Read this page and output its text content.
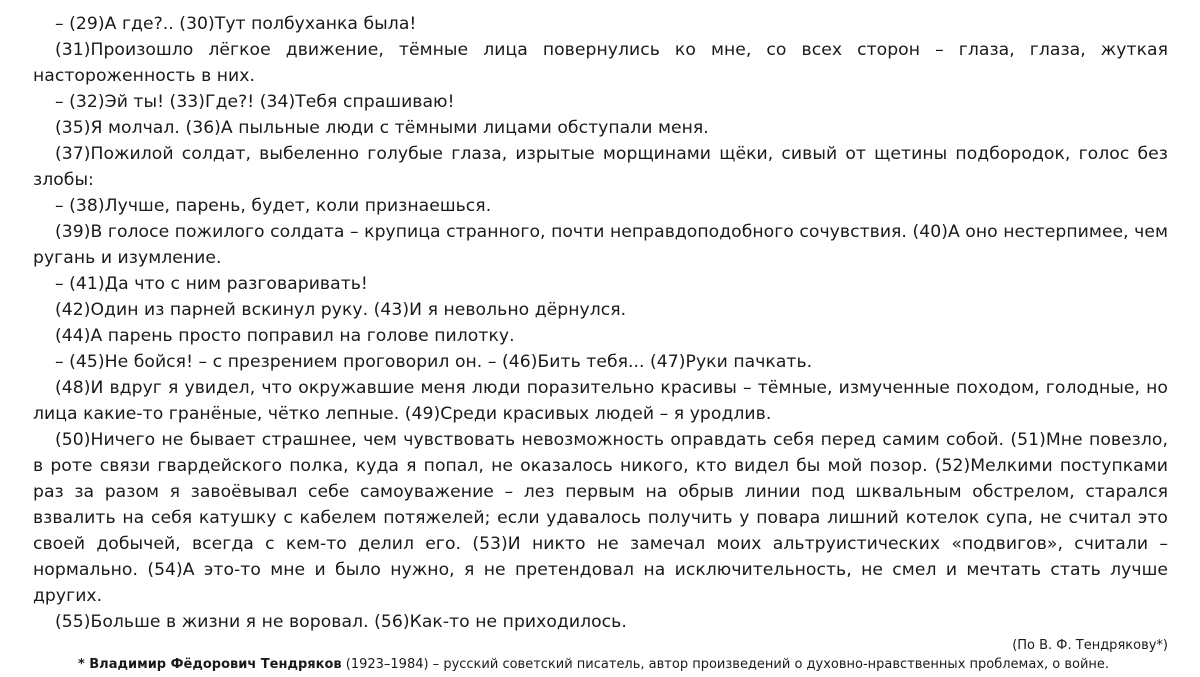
– (29)А где?.. (30)Тут полбуханка была!

(31)Произошло лёгкое движение, тёмные лица повернулись ко мне, со всех сторон – глаза, глаза, жуткая настороженность в них.

– (32)Эй ты! (33)Где?! (34)Тебя спрашиваю!

(35)Я молчал. (36)А пыльные люди с тёмными лицами обступали меня.

(37)Пожилой солдат, выбеленно голубые глаза, изрытые морщинами щёки, сивый от щетины подбородок, голос без злобы:

– (38)Лучше, парень, будет, коли признаешься.

(39)В голосе пожилого солдата – крупица странного, почти неправдоподобного сочувствия. (40)А оно нестерпимее, чем ругань и изумление.

– (41)Да что с ним разговаривать!

(42)Один из парней вскинул руку. (43)И я невольно дёрнулся.

(44)А парень просто поправил на голове пилотку.

– (45)Не бойся! – с презрением проговорил он. – (46)Бить тебя... (47)Руки пачкать.

(48)И вдруг я увидел, что окружавшие меня люди поразительно красивы – тёмные, измученные походом, голодные, но лица какие-то гранёные, чётко лепные. (49)Среди красивых людей – я уродлив.

(50)Ничего не бывает страшнее, чем чувствовать невозможность оправдать себя перед самим собой. (51)Мне повезло, в роте связи гвардейского полка, куда я попал, не оказалось никого, кто видел бы мой позор. (52)Мелкими поступками раз за разом я завоёвывал себе самоуважение – лез первым на обрыв линии под шквальным обстрелом, старался взвалить на себя катушку с кабелем потяжелей; если удавалось получить у повара лишний котелок супа, не считал это своей добычей, всегда с кем-то делил его. (53)И никто не замечал моих альтруистических «подвигов», считали – нормально. (54)А это-то мне и было нужно, я не претендовал на исключительность, не смел и мечтать стать лучше других.

(55)Больше в жизни я не воровал. (56)Как-то не приходилось.

(По В. Ф. Тендрякову*)

* Владимир Фёдорович Тендряков (1923–1984) – русский советский писатель, автор произведений о духовно-нравственных проблемах, о войне.
